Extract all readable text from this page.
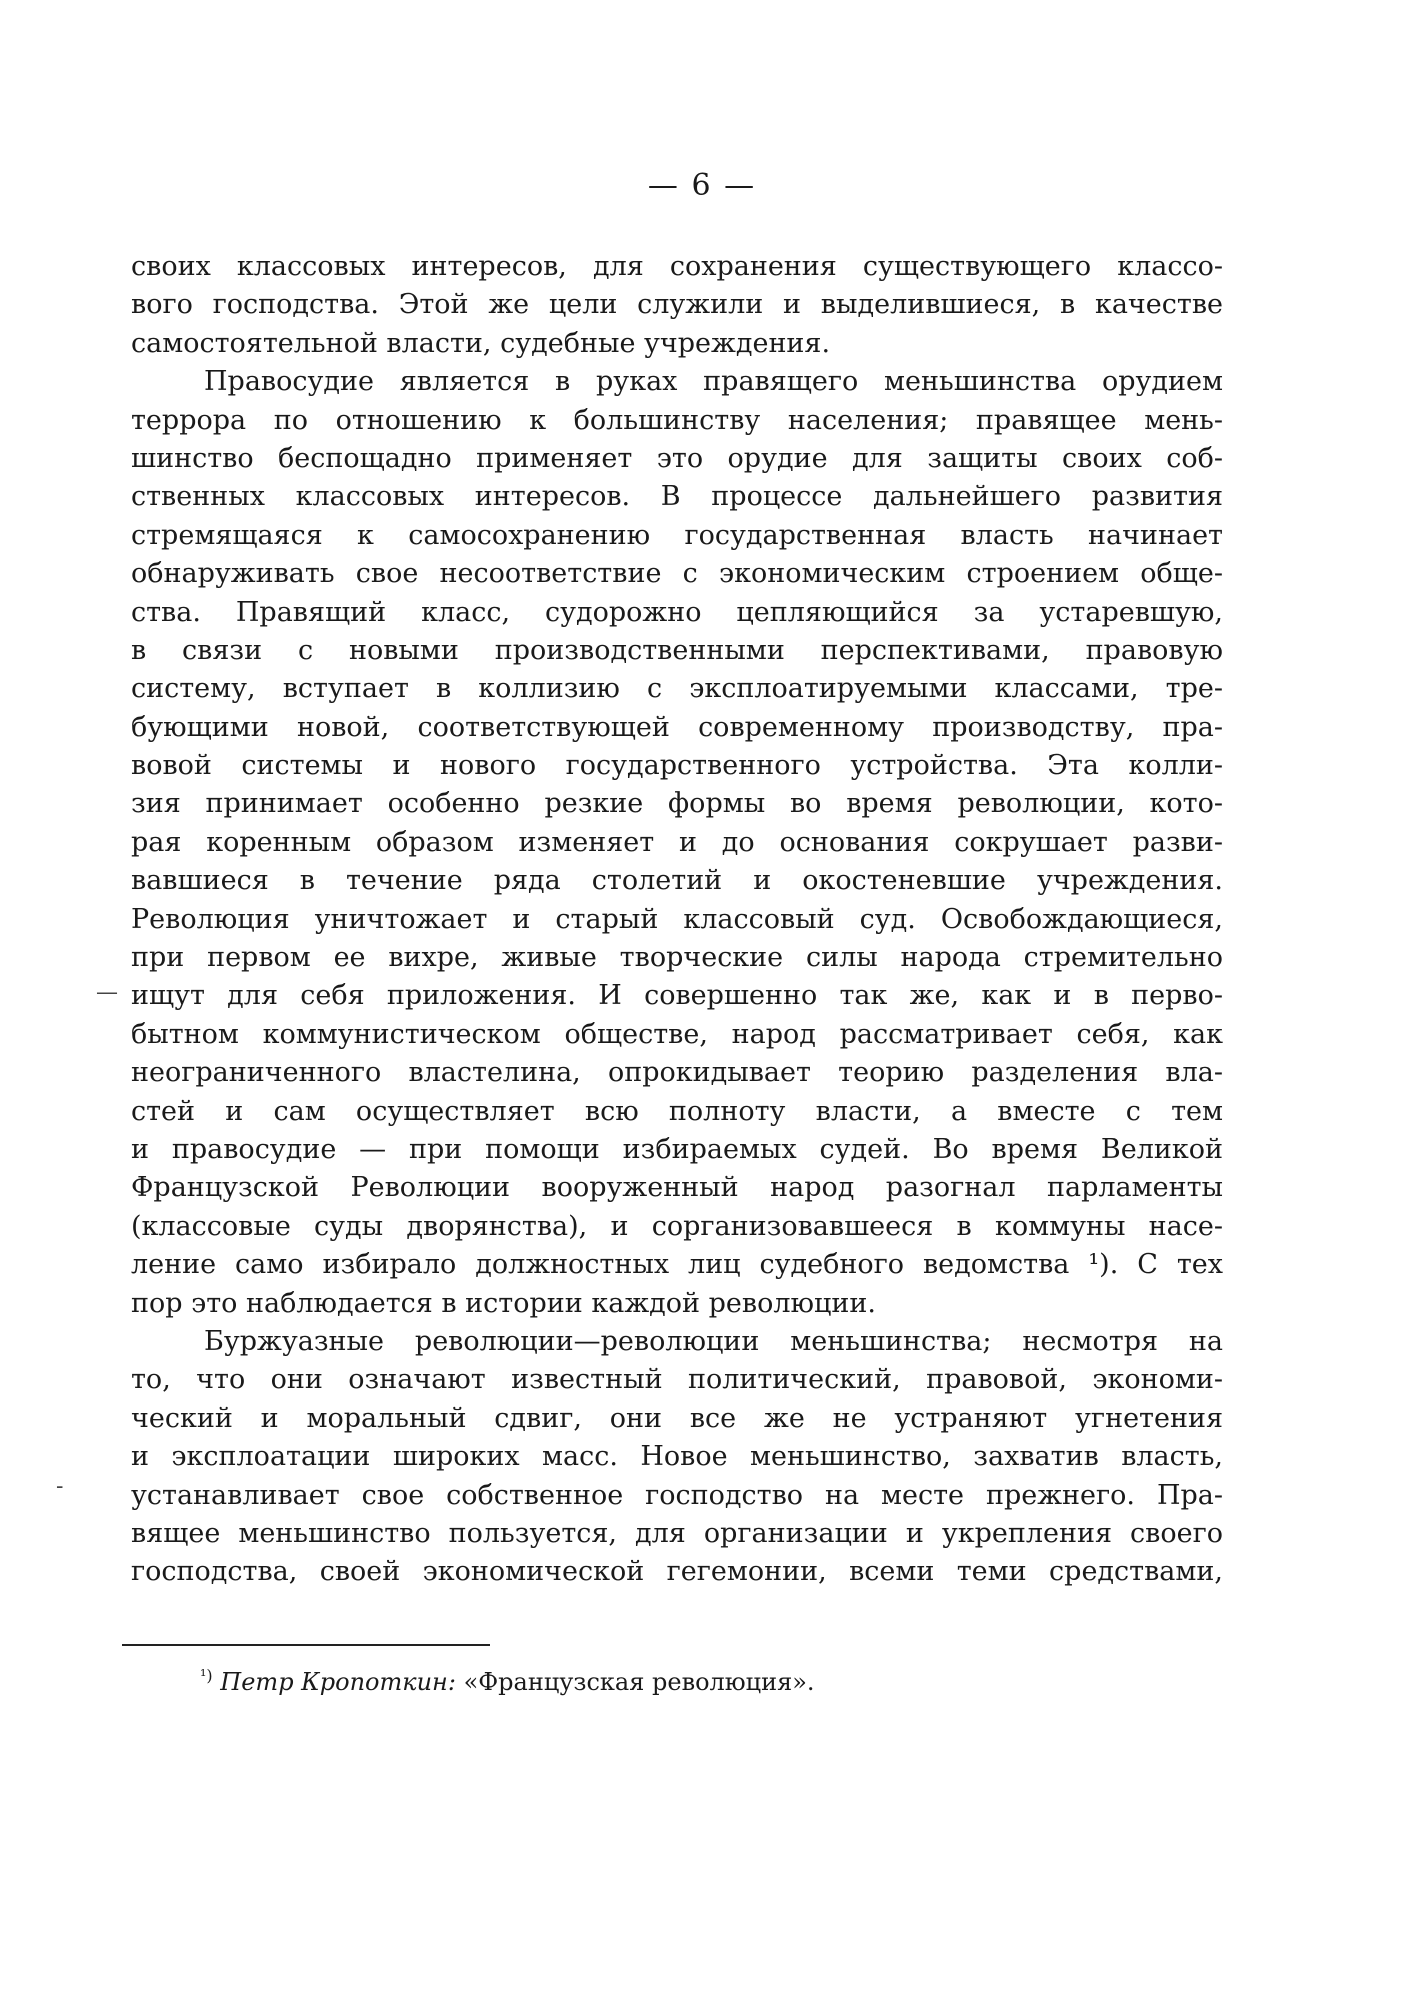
— 6 —
своих классовых интересов, для сохранения существующего классо-
вого господства. Этой же цели служили и выделившиеся, в качестве
самостоятельной власти, судебные учреждения.
Правосудие является в руках правящего меньшинства орудием
террора по отношению к большинству населения; правящее мень-
шинство беспощадно применяет это орудие для защиты своих соб-
ственных классовых интересов. В процессе дальнейшего развития
стремящаяся к самосохранению государственная власть начинает
обнаруживать свое несоответствие с экономическим строением обще-
ства. Правящий класс, судорожно цепляющийся за устаревшую,
в связи с новыми производственными перспективами, правовую
систему, вступает в коллизию с эксплоатируемыми классами, тре-
бующими новой, соответствующей современному производству, пра-
вовой системы и нового государственного устройства. Эта колли-
зия принимает особенно резкие формы во время революции, кото-
рая коренным образом изменяет и до основания сокрушает разви-
вавшиеся в течение ряда столетий и окостеневшие учреждения.
Революция уничтожает и старый классовый суд. Освобождающиеся,
при первом ее вихре, живые творческие силы народа стремительно
ищут для себя приложения. И совершенно так же, как и в перво-
бытном коммунистическом обществе, народ рассматривает себя, как
неограниченного властелина, опрокидывает теорию разделения вла-
стей и сам осуществляет всю полноту власти, а вместе с тем
и правосудие — при помощи избираемых судей. Во время Великой
Французской Революции вооруженный народ разогнал парламенты
(классовые суды дворянства), и сорганизовавшееся в коммуны насе-
ление само избирало должностных лиц судебного ведомства ¹). С тех
пор это наблюдается в истории каждой революции.
Буржуазные революции—революции меньшинства; несмотря на
то, что они означают известный политический, правовой, экономи-
ческий и моральный сдвиг, они все же не устраняют угнетения
и эксплоатации широких масс. Новое меньшинство, захватив власть,
устанавливает свое собственное господство на месте прежнего. Пра-
вящее меньшинство пользуется, для организации и укрепления своего
господства, своей экономической гегемонии, всеми теми средствами,
—
-
$^{^1)}$ Петр Кропоткин: «Французская революция».
